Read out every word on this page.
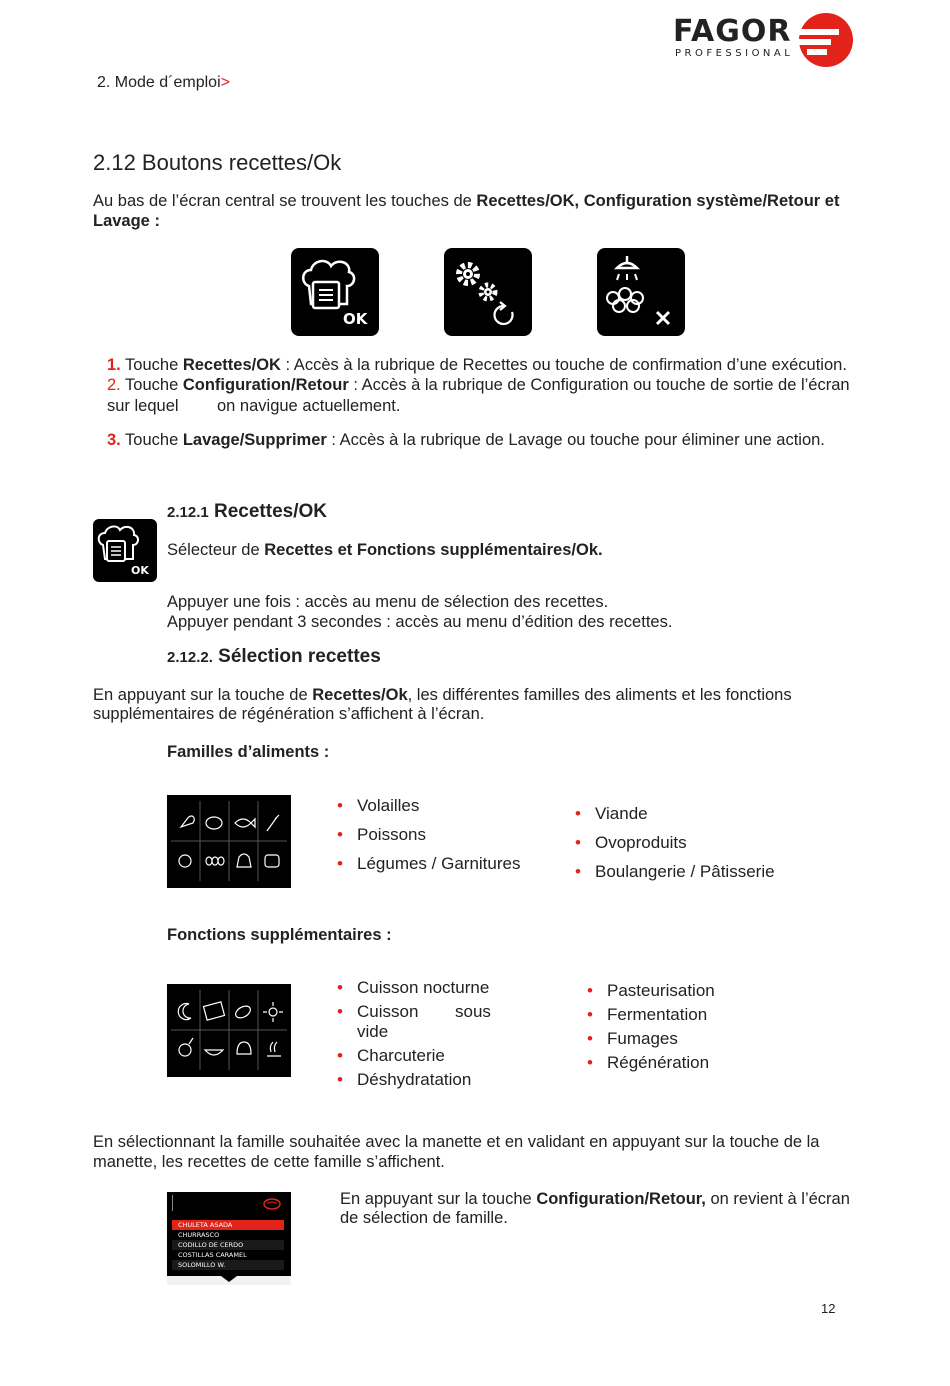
2. Mode d´emploi>
FAGOR
PROFESSIONAL
2.12 Boutons recettes/Ok
Au bas de l’écran central se trouvent les touches de Recettes/OK, Configuration système/Retour et Lavage :
OK
1. Touche Recettes/OK : Accès à la rubrique de Recettes ou touche de confirmation d’une exécution.
2. Touche Configuration/Retour : Accès à la rubrique de Configuration ou touche de sortie de l’écran
sur lequel on navigue actuellement.
3. Touche Lavage/Supprimer : Accès à la rubrique de Lavage ou touche pour éliminer une action.
2.12.1 Recettes/OK
OK
Sélecteur de Recettes et Fonctions supplémentaires/Ok.
Appuyer une fois : accès au menu de sélection des recettes.
Appuyer pendant 3 secondes : accès au menu d’édition des recettes.
2.12.2. Sélection recettes
En appuyant sur la touche de Recettes/Ok, les différentes familles des aliments et les fonctions
supplémentaires de régénération s’affichent à l’écran.
Familles d’aliments :
• Volailles
• Poissons
• Légumes / Garnitures
• Viande
• Ovoproduits
• Boulangerie / Pâtisserie
Fonctions supplémentaires :
• Cuisson nocturne
• Cuisson sous
vide
• Charcuterie
• Déshydratation
• Pasteurisation
• Fermentation
• Fumages
• Régénération
En sélectionnant la famille souhaitée avec la manette et en validant en appuyant sur la touche de la
manette, les recettes de cette famille s’affichent.
CHULETA ASADA
CHURRASCO
CODILLO DE CERDO
COSTILLAS CARAMEL
SOLOMILLO W.
En appuyant sur la touche Configuration/Retour, on revient à l’écran
de sélection de famille.
12
